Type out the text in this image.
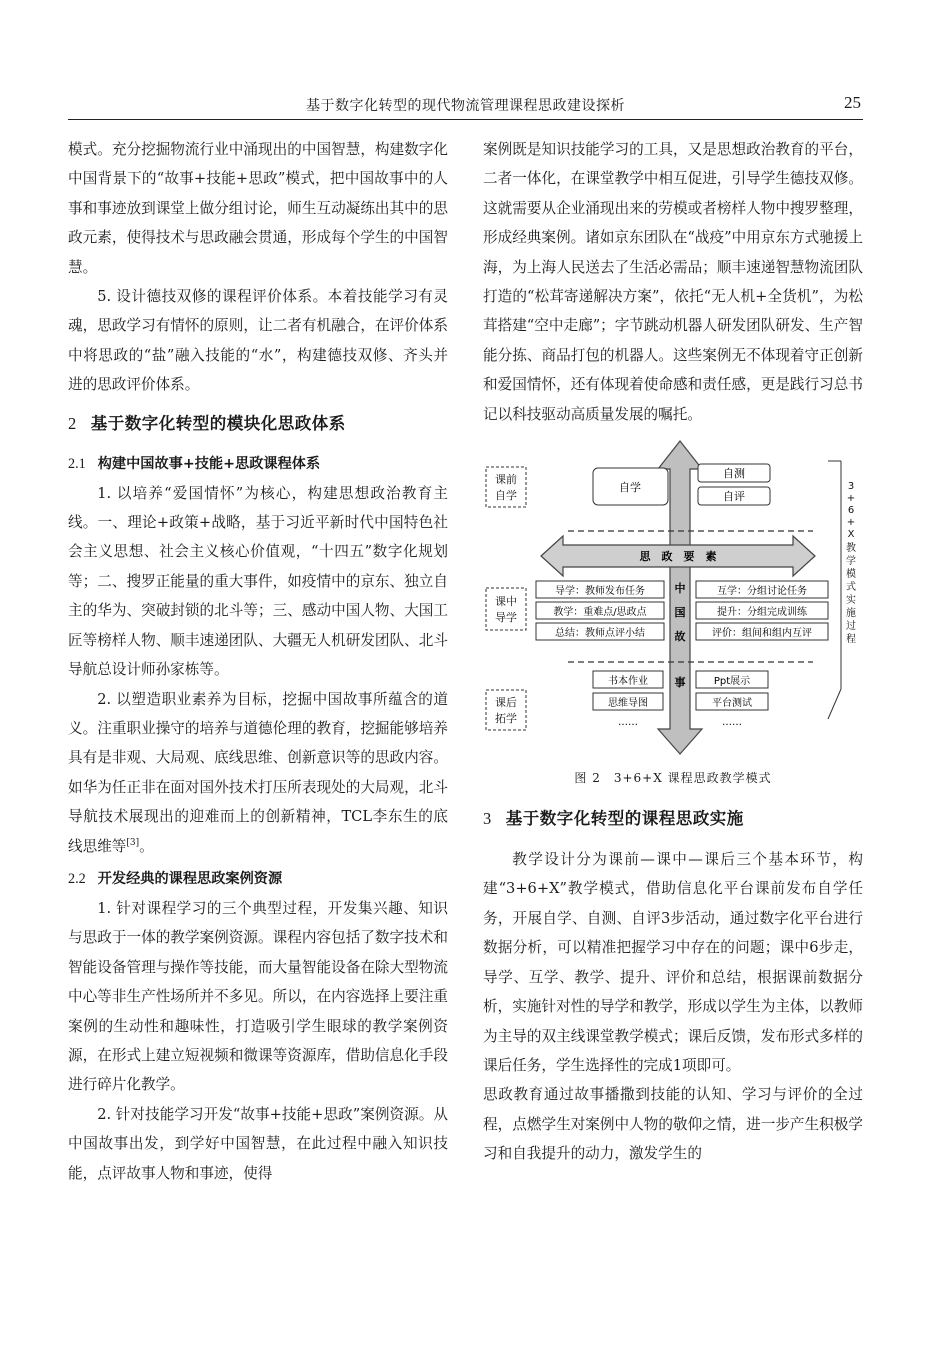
基于数字化转型的现代物流管理课程思政建设探析	25

模式。充分挖掘物流行业中涌现出的中国智慧，构建数字化中国背景下的“故事+技能+思政”模式，把中国故事中的人事和事迹放到课堂上做分组讨论，师生互动凝练出其中的思政元素，使得技术与思政融会贯通，形成每个学生的中国智慧。

5. 设计德技双修的课程评价体系。本着技能学习有灵魂，思政学习有情怀的原则，让二者有机融合，在评价体系中将思政的“盐”融入技能的“水”，构建德技双修、齐头并进的思政评价体系。

2 基于数字化转型的模块化思政体系
2.1 构建中国故事+技能+思政课程体系

1. 以培养“爱国情怀”为核心，构建思想政治教育主线。一、理论+政策+战略，基于习近平新时代中国特色社会主义思想、社会主义核心价值观，“十四五”数字化规划等；二、搜罗正能量的重大事件，如疫情中的京东、独立自主的华为、突破封锁的北斗等；三、感动中国人物、大国工匠等榜样人物、顺丰速递团队、大疆无人机研发团队、北斗导航总设计师孙家栋等。

2. 以塑造职业素养为目标，挖掘中国故事所蕴含的道义。注重职业操守的培养与道德伦理的教育，挖掘能够培养具有是非观、大局观、底线思维、创新意识等的思政内容。如华为任正非在面对国外技术打压所表现处的大局观，北斗导航技术展现出的迎难而上的创新精神，TCL李东生的底线思维等[3]。

2.2 开发经典的课程思政案例资源

1. 针对课程学习的三个典型过程，开发集兴趣、知识与思政于一体的教学案例资源。课程内容包括了数字技术和智能设备管理与操作等技能，而大量智能设备在除大型物流中心等非生产性场所并不多见。所以，在内容选择上要注重案例的生动性和趣味性，打造吸引学生眼球的教学案例资源，在形式上建立短视频和微课等资源库，借助信息化手段进行碎片化教学。

2. 针对技能学习开发“故事+技能+思政”案例资源。从中国故事出发，到学好中国智慧，在此过程中融入知识技能，点评故事人物和事迹，使得

案例既是知识技能学习的工具，又是思想政治教育的平台，二者一体化，在课堂教学中相互促进，引导学生德技双修。这就需要从企业涌现出来的劳模或者榜样人物中搜罗整理，形成经典案例。诸如京东团队在“战疫”中用京东方式驰援上海，为上海人民送去了生活必需品；顺丰速递智慧物流团队打造的“松茸寄递解决方案”，依托“无人机+全货机”，为松茸搭建“空中走廊”；字节跳动机器人研发团队研发、生产智能分拣、商品打包的机器人。这些案例无不体现着守正创新和爱国情怀，还有体现着使命感和责任感，更是践行习总书记以科技驱动高质量发展的嘱托。

课前
自学
课中
导学
课后
拓学
自学
自测
自评
思　政　要　素
中
国
故
事
导学：教师发布任务
教学：重难点/思政点
总结：教师点评小结
互学：分组讨论任务
提升：分组完成训练
评价：组间和组内互评
书本作业
思维导图
……
Ppt展示
平台测试
……
3
+
6
+
X
教
学
模
式
实
施
过
程
图 2　3+6+X 课程思政教学模式
3 基于数字化转型的课程思政实施

教学设计分为课前—课中—课后三个基本环节，构建“3+6+X”教学模式，借助信息化平台课前发布自学任务，开展自学、自测、自评3步活动，通过数字化平台进行数据分析，可以精准把握学习中存在的问题；课中6步走，导学、互学、教学、提升、评价和总结，根据课前数据分析，实施针对性的导学和教学，形成以学生为主体，以教师为主导的双主线课堂教学模式；课后反馈，发布形式多样的课后任务，学生选择性的完成1项即可。

思政教育通过故事播撒到技能的认知、学习与评价的全过程，点燃学生对案例中人物的敬仰之情，进一步产生积极学习和自我提升的动力，激发学生的
